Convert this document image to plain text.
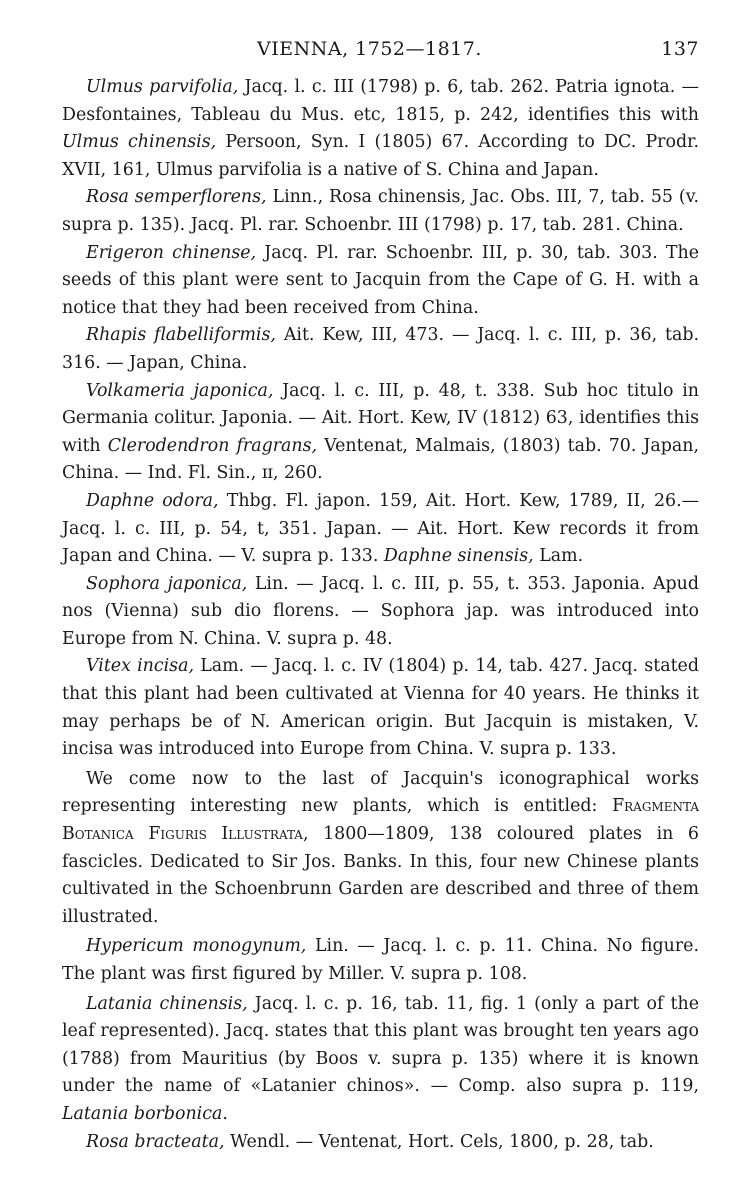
VIENNA, 1752—1817.	137

Ulmus parvifolia, Jacq. l. c. III (1798) p. 6, tab. 262. Patria ignota. — Desfontaines, Tableau du Mus. etc, 1815, p. 242, identifies this with Ulmus chinensis, Persoon, Syn. I (1805) 67. According to DC. Prodr. XVII, 161, Ulmus parvifolia is a native of S. China and Japan.

Rosa semperflorens, Linn., Rosa chinensis, Jac. Obs. III, 7, tab. 55 (v. supra p. 135). Jacq. Pl. rar. Schoenbr. III (1798) p. 17, tab. 281. China.

Erigeron chinense, Jacq. Pl. rar. Schoenbr. III, p. 30, tab. 303. The seeds of this plant were sent to Jacquin from the Cape of G. H. with a notice that they had been received from China.

Rhapis flabelliformis, Ait. Kew, III, 473. — Jacq. l. c. III, p. 36, tab. 316. — Japan, China.

Volkameria japonica, Jacq. l. c. III, p. 48, t. 338. Sub hoc titulo in Germania colitur. Japonia. — Ait. Hort. Kew, IV (1812) 63, identifies this with Clerodendron fragrans, Ventenat, Malmais, (1803) tab. 70. Japan, China. — Ind. Fl. Sin., ɪɪ, 260.

Daphne odora, Thbg. Fl. japon. 159, Ait. Hort. Kew, 1789, II, 26.— Jacq. l. c. III, p. 54, t, 351. Japan. — Ait. Hort. Kew records it from Japan and China. — V. supra p. 133. Daphne sinensis, Lam.

Sophora japonica, Lin. — Jacq. l. c. III, p. 55, t. 353. Japonia. Apud nos (Vienna) sub dio florens. — Sophora jap. was introduced into Europe from N. China. V. supra p. 48.

Vitex incisa, Lam. — Jacq. l. c. IV (1804) p. 14, tab. 427. Jacq. stated that this plant had been cultivated at Vienna for 40 years. He thinks it may perhaps be of N. American origin. But Jacquin is mistaken, V. incisa was introduced into Europe from China. V. supra p. 133.

We come now to the last of Jacquin's iconographical works representing interesting new plants, which is entitled: Fragmenta Botanica Figuris Illustrata, 1800—1809, 138 coloured plates in 6 fascicles. Dedicated to Sir Jos. Banks. In this, four new Chinese plants cultivated in the Schoenbrunn Garden are described and three of them illustrated.

Hypericum monogynum, Lin. — Jacq. l. c. p. 11. China. No figure. The plant was first figured by Miller. V. supra p. 108.

Latania chinensis, Jacq. l. c. p. 16, tab. 11, fig. 1 (only a part of the leaf represented). Jacq. states that this plant was brought ten years ago (1788) from Mauritius (by Boos v. supra p. 135) where it is known under the name of «Latanier chinos». — Comp. also supra p. 119, Latania borbonica.

Rosa bracteata, Wendl. — Ventenat, Hort. Cels, 1800, p. 28, tab.
